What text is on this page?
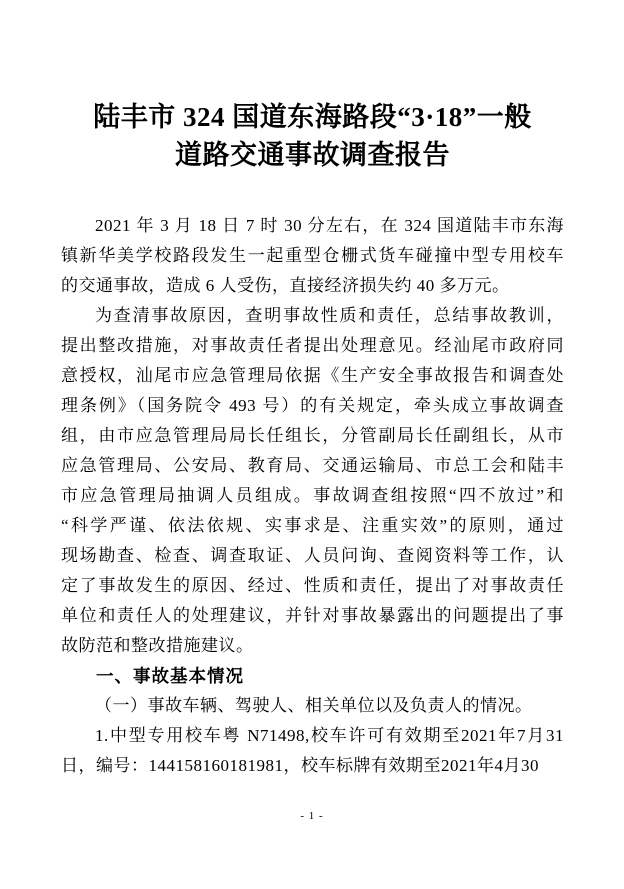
陆丰市 324 国道东海路段“3·18”一般
道路交通事故调查报告
2021 年 3 月 18 日 7 时 30 分左右，在 324 国道陆丰市东海
镇新华美学校路段发生一起重型仓栅式货车碰撞中型专用校车
的交通事故，造成 6 人受伤，直接经济损失约 40 多万元。
为查清事故原因，查明事故性质和责任，总结事故教训，
提出整改措施，对事故责任者提出处理意见。经汕尾市政府同
意授权，汕尾市应急管理局依据《生产安全事故报告和调查处
理条例》（国务院令 493 号）的有关规定，牵头成立事故调查
组，由市应急管理局局长任组长，分管副局长任副组长，从市
应急管理局、公安局、教育局、交通运输局、市总工会和陆丰
市应急管理局抽调人员组成。事故调查组按照“四不放过”和
“科学严谨、依法依规、实事求是、注重实效”的原则，通过
现场勘查、检查、调查取证、人员问询、查阅资料等工作，认
定了事故发生的原因、经过、性质和责任，提出了对事故责任
单位和责任人的处理建议，并针对事故暴露出的问题提出了事
故防范和整改措施建议。
一、事故基本情况
（一）事故车辆、驾驶人、相关单位以及负责人的情况。
1.中型专用校车粤 N71498,校车许可有效期至2021年7月31
日，编号：144158160181981，校车标牌有效期至2021年4月30
- 1 -
